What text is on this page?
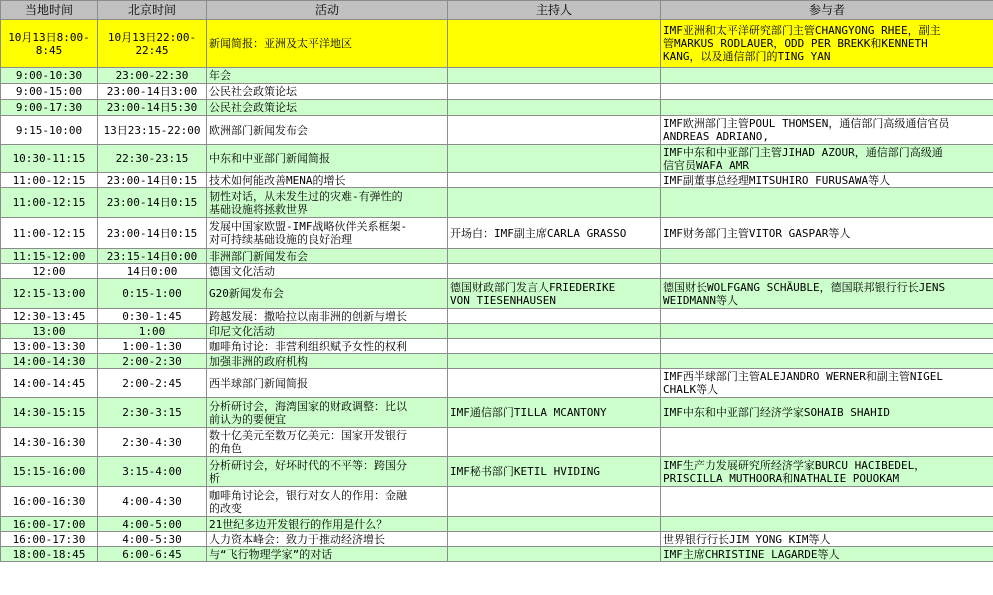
当地时间	北京时间	活动	主持人	参与者
10月13日8:00-
8:45	10月13日22:00-
22:45	新闻简报：亚洲及太平洋地区		IMF亚洲和太平洋研究部门主管CHANGYONG RHEE，副主
管MARKUS RODLAUER，ODD PER BREKK和KENNETH
KANG，以及通信部门的TING YAN
9:00-10:30	23:00-22:30	年会		
9:00-15:00	23:00-14日3:00	公民社会政策论坛		
9:00-17:30	23:00-14日5:30	公民社会政策论坛		
9:15-10:00	13日23:15-22:00	欧洲部门新闻发布会		IMF欧洲部门主管POUL THOMSEN，通信部门高级通信官员
ANDREAS ADRIANO,
10:30-11:15	22:30-23:15	中东和中亚部门新闻简报		IMF中东和中亚部门主管JIHAD AZOUR，通信部门高级通
信官员WAFA AMR
11:00-12:15	23:00-14日0:15	技术如何能改善MENA的增长		IMF副董事总经理MITSUHIRO FURUSAWA等人
11:00-12:15	23:00-14日0:15	韧性对话，从未发生过的灾难-有弹性的
基础设施将拯救世界		
11:00-12:15	23:00-14日0:15	发展中国家欧盟-IMF战略伙伴关系框架-
对可持续基础设施的良好治理	开场白：IMF副主席CARLA GRASSO	IMF财务部门主管VITOR GASPAR等人
11:15-12:00	23:15-14日0:00	非洲部门新闻发布会		
12:00	14日0:00	德国文化活动		
12:15-13:00	0:15-1:00	G20新闻发布会	德国财政部门发言人FRIEDERIKE
VON TIESENHAUSEN	德国财长WOLFGANG SCHÄUBLE，德国联邦银行行长JENS
WEIDMANN等人
12:30-13:45	0:30-1:45	跨越发展：撒哈拉以南非洲的创新与增长		
13:00	1:00	印尼文化活动		
13:00-13:30	1:00-1:30	咖啡角讨论：非营利组织赋予女性的权利		
14:00-14:30	2:00-2:30	加强非洲的政府机构		
14:00-14:45	2:00-2:45	西半球部门新闻简报		IMF西半球部门主管ALEJANDRO WERNER和副主管NIGEL
CHALK等人
14:30-15:15	2:30-3:15	分析研讨会，海湾国家的财政调整：比以
前认为的要便宜	IMF通信部门TILLA MCANTONY	IMF中东和中亚部门经济学家SOHAIB SHAHID
14:30-16:30	2:30-4:30	数十亿美元至数万亿美元：国家开发银行
的角色		
15:15-16:00	3:15-4:00	分析研讨会，好坏时代的不平等：跨国分
析	IMF秘书部门KETIL HVIDING	IMF生产力发展研究所经济学家BURCU HACIBEDEL，
PRISCILLA MUTHOORA和NATHALIE POUOKAM
16:00-16:30	4:00-4:30	咖啡角讨论会，银行对女人的作用：金融
的改变		
16:00-17:00	4:00-5:00	21世纪多边开发银行的作用是什么？		
16:00-17:30	4:00-5:30	人力资本峰会：致力于推动经济增长		世界银行行长JIM YONG KIM等人
18:00-18:45	6:00-6:45	与“飞行物理学家”的对话		IMF主席CHRISTINE LAGARDE等人
